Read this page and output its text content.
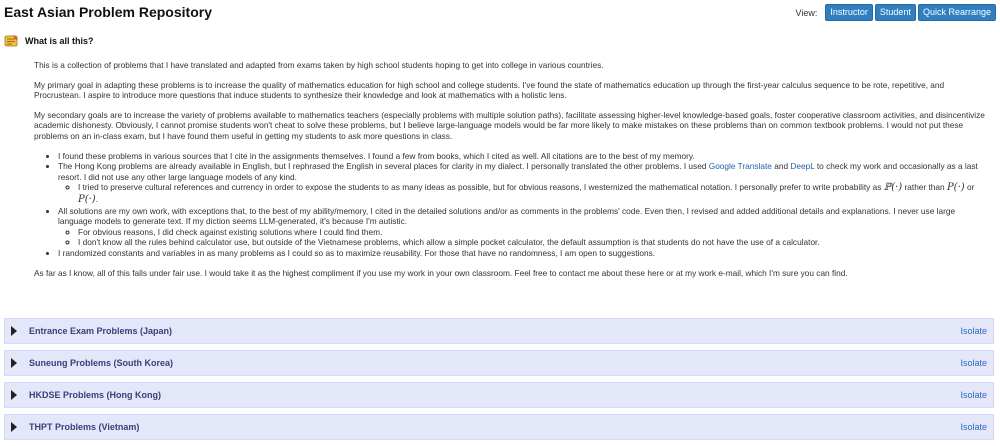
East Asian Problem Repository	View:	Instructor	Student	Quick Rearrange
What is all this?

This is a collection of problems that I have translated and adapted from exams taken by high school students hoping to get into college in various countries.

My primary goal in adapting these problems is to increase the quality of mathematics education for high school and college students. I've found the state of mathematics education up through the first-year calculus sequence to be rote, repetitive, and Procrustean. I aspire to introduce more questions that induce students to synthesize their knowledge and look at mathematics with a holistic lens.

My secondary goals are to increase the variety of problems available to mathematics teachers (especially problems with multiple solution paths), facilitate assessing higher-level knowledge-based goals, foster cooperative classroom activities, and disincentivize academic dishonesty. Obviously, I cannot promise students won't cheat to solve these problems, but I believe large-language models would be far more likely to make mistakes on these problems than on common textbook problems. I would not put these problems on an in-class exam, but I have found them useful in getting my students to ask more questions in class.

• I found these problems in various sources that I cite in the assignments themselves. I found a few from books, which I cited as well. All citations are to the best of my memory.
• The Hong Kong problems are already available in English, but I rephrased the English in several places for clarity in my dialect. I personally translated the other problems. I used Google Translate and DeepL to check my work and occasionally as a last resort. I did not use any other large language models of any kind.
◦ I tried to preserve cultural references and currency in order to expose the students to as many ideas as possible, but for obvious reasons, I westernized the mathematical notation. I personally prefer to write probability as ℙ(·) rather than P(·) or P(·).
• All solutions are my own work, with exceptions that, to the best of my ability/memory, I cited in the detailed solutions and/or as comments in the problems' code. Even then, I revised and added additional details and explanations. I never use large language models to generate text. If my diction seems LLM-generated, it's because I'm autistic.
◦ For obvious reasons, I did check against existing solutions where I could find them.
◦ I don't know all the rules behind calculator use, but outside of the Vietnamese problems, which allow a simple pocket calculator, the default assumption is that students do not have the use of a calculator.
• I randomized constants and variables in as many problems as I could so as to maximize reusability. For those that have no randomness, I am open to suggestions.

As far as I know, all of this falls under fair use. I would take it as the highest compliment if you use my work in your own classroom. Feel free to contact me about these here or at my work e-mail, which I'm sure you can find.

Entrance Exam Problems (Japan)	Isolate
Suneung Problems (South Korea)	Isolate
HKDSE Problems (Hong Kong)	Isolate
THPT Problems (Vietnam)	Isolate
